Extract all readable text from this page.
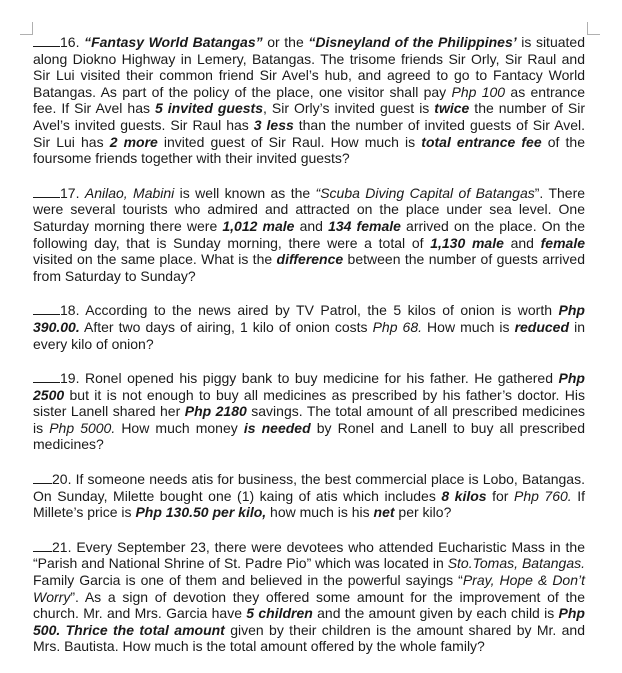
16. “Fantasy World Batangas” or the “Disneyland of the Philippines’ is situated along Diokno Highway in Lemery, Batangas. The trisome friends Sir Orly, Sir Raul and Sir Lui visited their common friend Sir Avel’s hub, and agreed to go to Fantacy World Batangas. As part of the policy of the place, one visitor shall pay Php 100 as entrance fee. If Sir Avel has 5 invited guests, Sir Orly’s invited guest is twice the number of Sir Avel’s invited guests. Sir Raul has 3 less than the number of invited guests of Sir Avel. Sir Lui has 2 more invited guest of Sir Raul. How much is total entrance fee of the foursome friends together with their invited guests?

17. Anilao, Mabini is well known as the “Scuba Diving Capital of Batangas”. There were several tourists who admired and attracted on the place under sea level. One Saturday morning there were 1,012 male and 134 female arrived on the place. On the following day, that is Sunday morning, there were a total of 1,130 male and female visited on the same place. What is the difference between the number of guests arrived from Saturday to Sunday?

18. According to the news aired by TV Patrol, the 5 kilos of onion is worth Php 390.00. After two days of airing, 1 kilo of onion costs Php 68. How much is reduced in every kilo of onion?

19. Ronel opened his piggy bank to buy medicine for his father. He gathered Php 2500 but it is not enough to buy all medicines as prescribed by his father’s doctor. His sister Lanell shared her Php 2180 savings. The total amount of all prescribed medicines is Php 5000. How much money is needed by Ronel and Lanell to buy all prescribed medicines?

20. If someone needs atis for business, the best commercial place is Lobo, Batangas. On Sunday, Milette bought one (1) kaing of atis which includes 8 kilos for Php 760. If Millete’s price is Php 130.50 per kilo, how much is his net per kilo?

21. Every September 23, there were devotees who attended Eucharistic Mass in the “Parish and National Shrine of St. Padre Pio” which was located in Sto.Tomas, Batangas. Family Garcia is one of them and believed in the powerful sayings “Pray, Hope & Don’t Worry”. As a sign of devotion they offered some amount for the improvement of the church. Mr. and Mrs. Garcia have 5 children and the amount given by each child is Php 500. Thrice the total amount given by their children is the amount shared by Mr. and Mrs. Bautista. How much is the total amount offered by the whole family?
